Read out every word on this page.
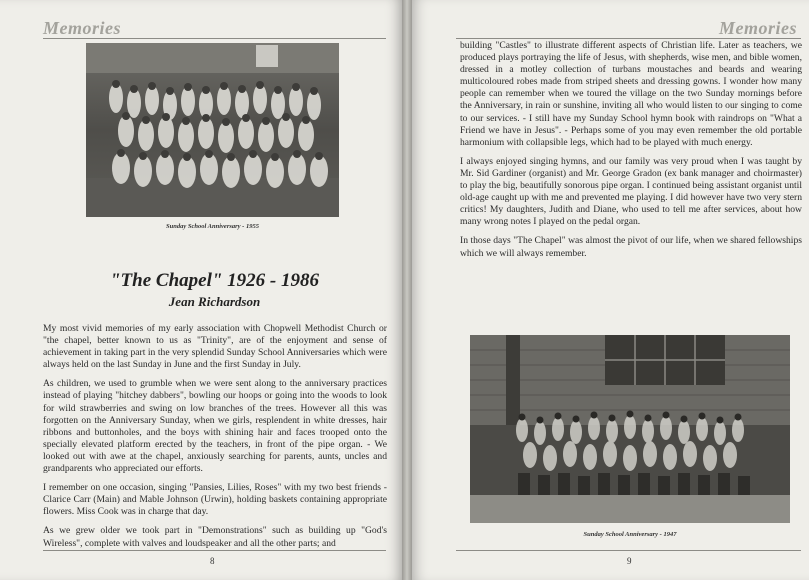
Memories
Sunday School Anniversary - 1955
"The Chapel" 1926 - 1986
Jean Richardson

My most vivid memories of my early association with Chopwell Methodist Church or "the chapel, better known to us as "Trinity", are of the enjoyment and sense of achievement in taking part in the very splendid Sunday School Anniversaries which were always held on the last Sunday in June and the first Sunday in July.

As children, we used to grumble when we were sent along to the anniversary practices instead of playing "hitchey dabbers", bowling our hoops or going into the woods to look for wild strawberries and swing on low branches of the trees. However all this was forgotten on the Anniversary Sunday, when we girls, resplendent in white dresses, hair ribbons and buttonholes, and the boys with shining hair and faces trooped onto the specially elevated platform erected by the teachers, in front of the pipe organ. - We looked out with awe at the chapel, anxiously searching for parents, aunts, uncles and grandparents who appreciated our efforts.

I remember on one occasion, singing "Pansies, Lilies, Roses" with my two best friends - Clarice Carr (Main) and Mable Johnson (Urwin), holding baskets containing appropriate flowers. Miss Cook was in charge that day.

As we grew older we took part in "Demonstrations" such as building up "God's Wireless", complete with valves and loudspeaker and all the other parts; and

8
Memories

building "Castles" to illustrate different aspects of Christian life. Later as teachers, we produced plays portraying the life of Jesus, with shepherds, wise men, and bible women, dressed in a motley collection of turbans moustaches and beards and wearing multicoloured robes made from striped sheets and dressing gowns. I wonder how many people can remember when we toured the village on the two Sunday mornings before the Anniversary, in rain or sunshine, inviting all who would listen to our singing to come to our services. - I still have my Sunday School hymn book with raindrops on "What a Friend we have in Jesus". - Perhaps some of you may even remember the old portable harmonium with collapsible legs, which had to be played with much energy.

I always enjoyed singing hymns, and our family was very proud when I was taught by Mr. Sid Gardiner (organist) and Mr. George Gradon (ex bank manager and choirmaster) to play the big, beautifully sonorous pipe organ. I continued being assistant organist until old-age caught up with me and prevented me playing. I did however have two very stern critics! My daughters, Judith and Diane, who used to tell me after services, about how many wrong notes I played on the pedal organ.

In those days "The Chapel" was almost the pivot of our life, when we shared fellowships which we will always remember.

Sunday School Anniversary - 1947
9
